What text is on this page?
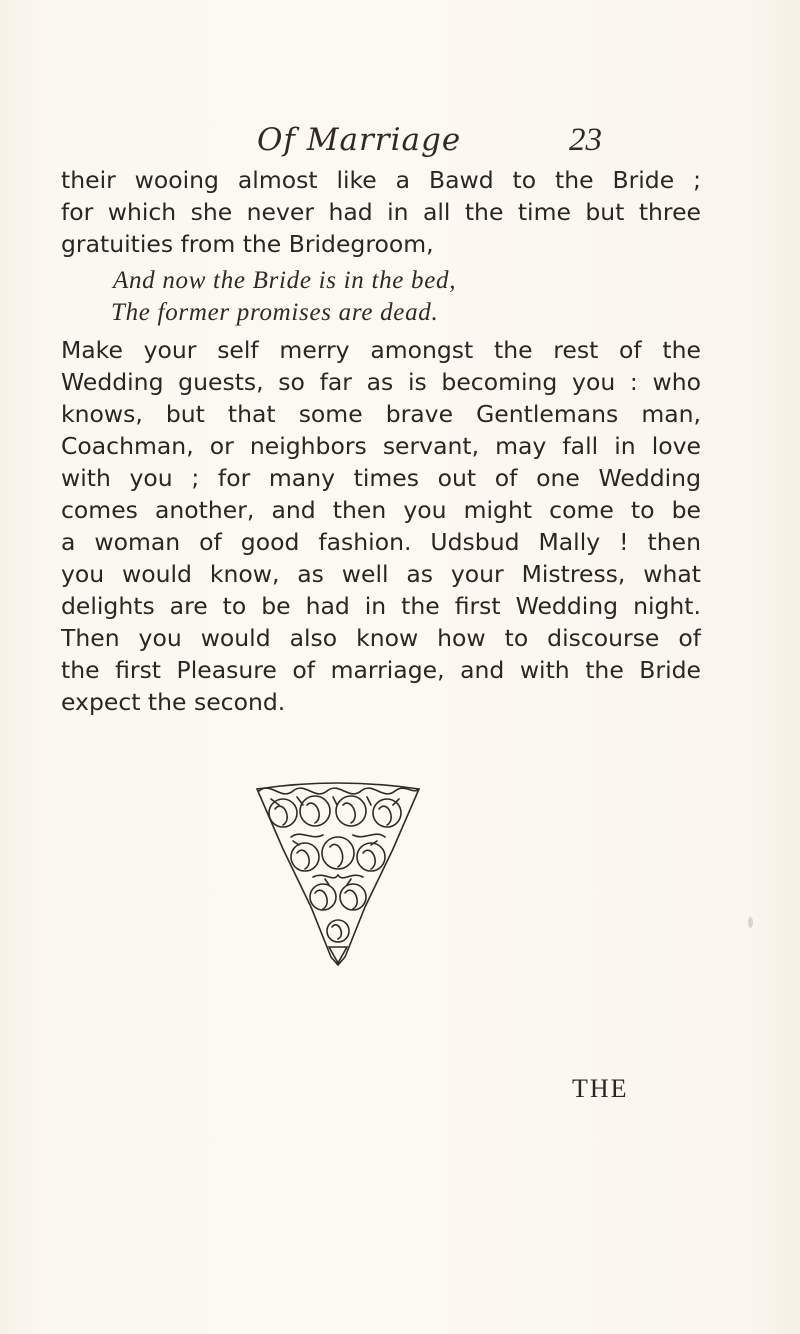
Of Marriage	23
their wooing almost like a Bawd to the Bride ;
for which she never had in all the time but three
gratuities from the Bridegroom,
And now the Bride is in the bed,
The former promises are dead.
Make your self merry amongst the rest of the
Wedding guests, so far as is becoming you : who
knows, but that some brave Gentlemans man,
Coachman, or neighbors servant, may fall in love
with you ; for many times out of one Wedding
comes another, and then you might come to be
a woman of good fashion. Udsbud Mally ! then
you would know, as well as your Mistress, what
delights are to be had in the first Wedding night.
Then you would also know how to discourse of
the first Pleasure of marriage, and with the Bride
expect the second.
THE
